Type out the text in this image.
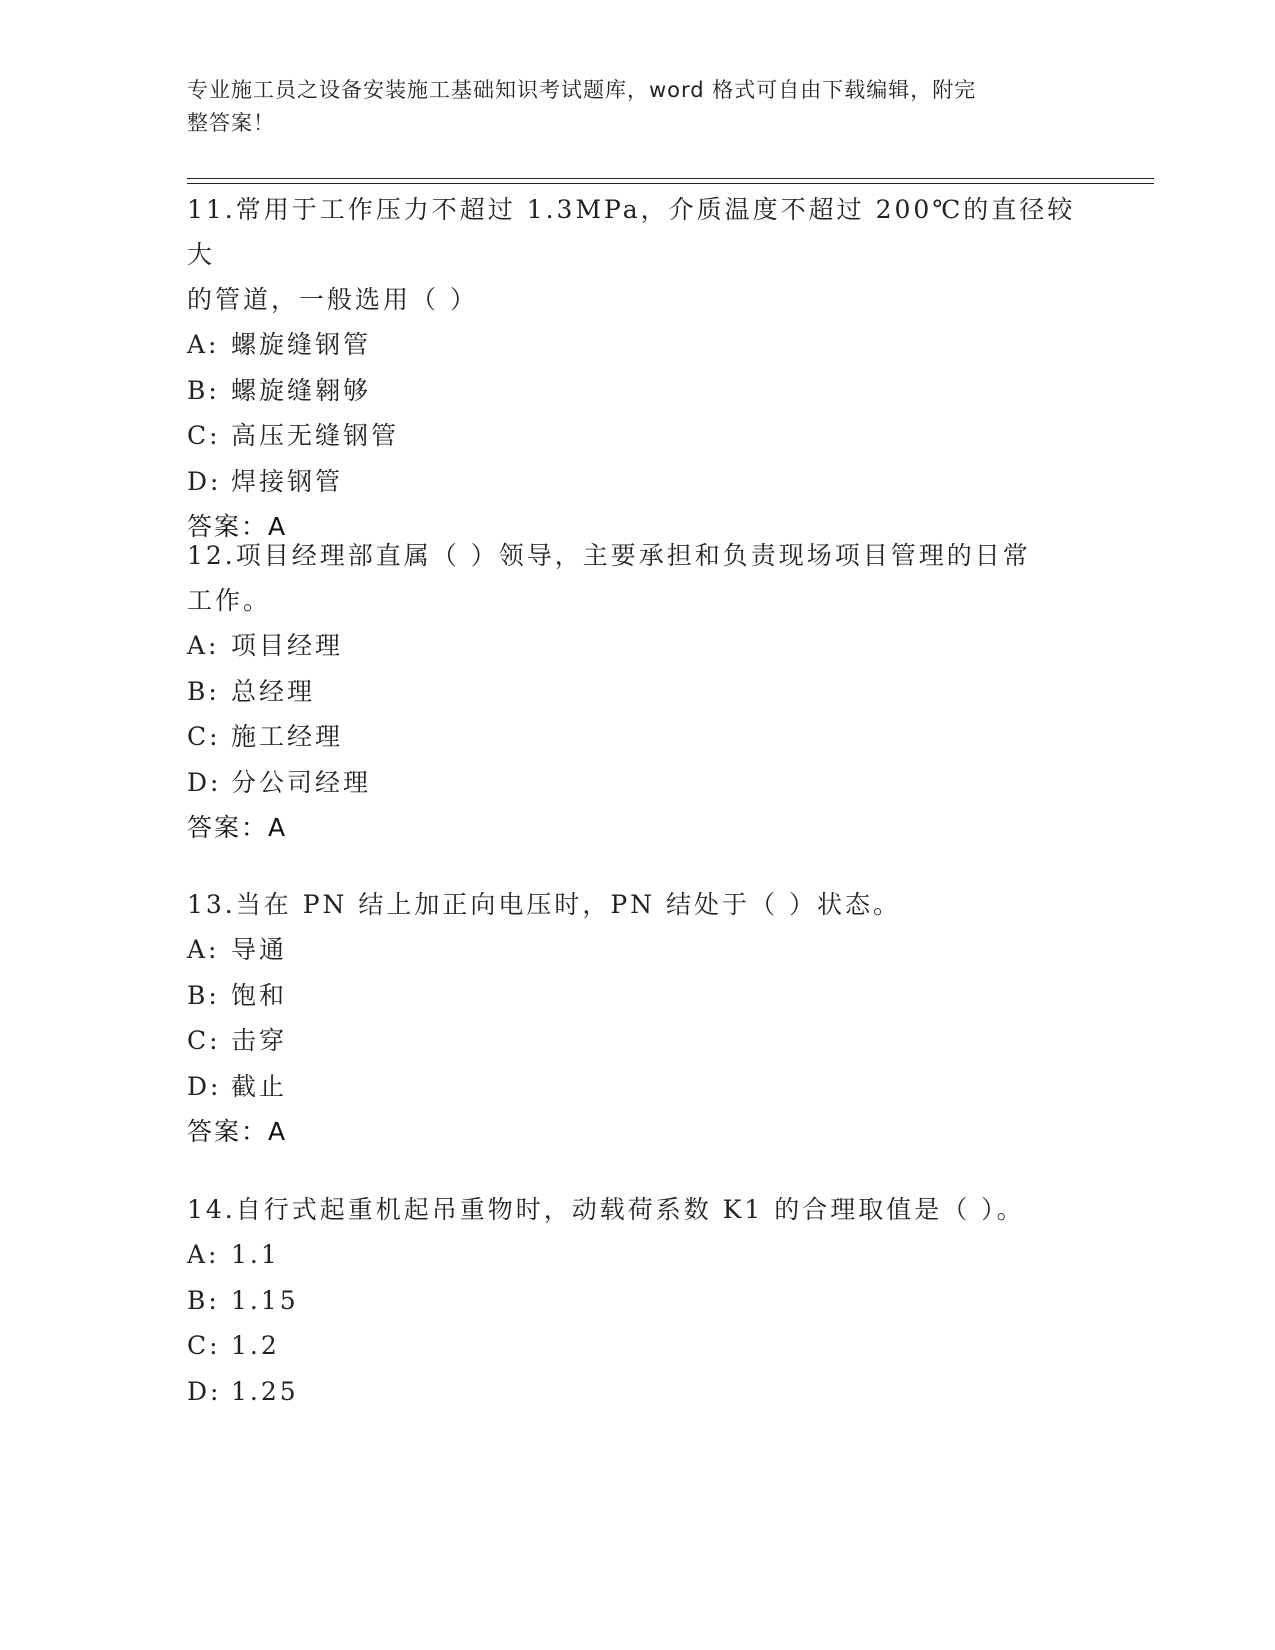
专业施工员之设备安装施工基础知识考试题库，word 格式可自由下载编辑，附完
整答案！

11.常用于工作压力不超过 1.3MPa，介质温度不超过 200℃的直径较大

的管道，一般选用（ ）

A: 螺旋缝钢管

B: 螺旋缝翱够

C: 高压无缝钢管

D: 焊接钢管

答案：A

12.项目经理部直属（ ）领导，主要承担和负责现场项目管理的日常

工作。

A: 项目经理

B: 总经理

C: 施工经理

D: 分公司经理

答案：A

13.当在 PN 结上加正向电压时，PN 结处于（ ）状态。

A: 导通

B: 饱和

C: 击穿

D: 截止

答案：A

14.自行式起重机起吊重物时，动载荷系数 K1 的合理取值是（ ）。

A: 1.1

B: 1.15

C: 1.2

D: 1.25
